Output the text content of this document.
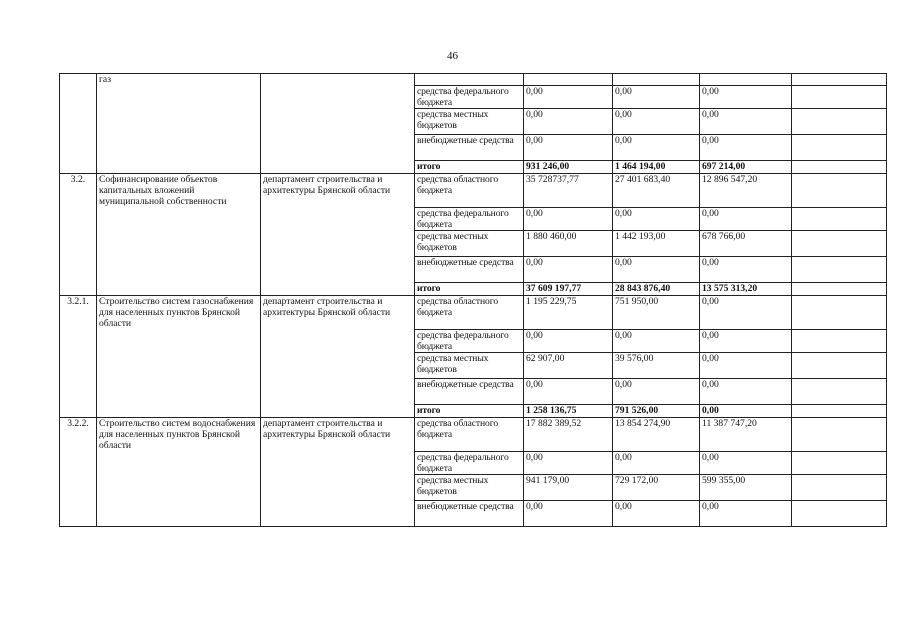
46
	газ						
			средства федерального бюджета	0,00	0,00	0,00	
			средства местных бюджетов	0,00	0,00	0,00	
			внебюджетные средства	0,00	0,00	0,00	
			итого	931 246,00	1 464 194,00	697 214,00	
3.2.	Софинансирование объектов капитальных вложений муниципальной собственности	департамент строительства и архитектуры Брянской области	средства областного бюджета	35 728737,77	27 401 683,40	12 896 547,20	
			средства федерального бюджета	0,00	0,00	0,00	
			средства местных бюджетов	1 880 460,00	1 442 193,00	678 766,00	
			внебюджетные средства	0,00	0,00	0,00	
			итого	37 609 197,77	28 843 876,40	13 575 313,20	
3.2.1.	Строительство систем газоснабжения для населенных пунктов Брянской области	департамент строительства и архитектуры Брянской области	средства областного бюджета	1 195 229,75	751 950,00	0,00	
			средства федерального бюджета	0,00	0,00	0,00	
			средства местных бюджетов	62 907,00	39 576,00	0,00	
			внебюджетные средства	0,00	0,00	0,00	
			итого	1 258 136,75	791 526,00	0,00	
3.2.2.	Строительство систем водоснабжения для населенных пунктов Брянской области	департамент строительства и архитектуры Брянской области	средства областного бюджета	17 882 389,52	13 854 274,90	11 387 747,20	
			средства федерального бюджета	0,00	0,00	0,00	
			средства местных бюджетов	941 179,00	729 172,00	599 355,00	
			внебюджетные средства	0,00	0,00	0,00	
